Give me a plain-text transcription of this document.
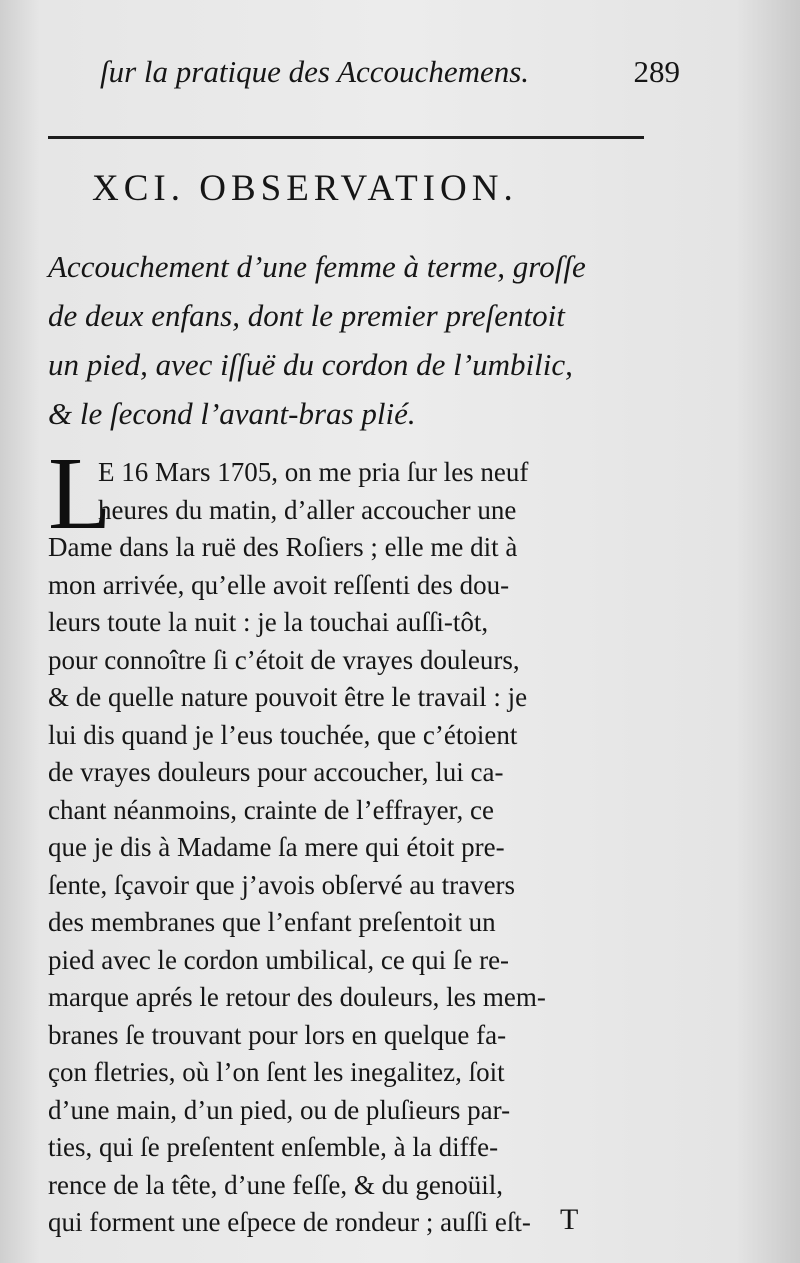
ſur la pratique des Accouchemens.	289
XCI. OBSERVATION.
Accouchement d’une femme à terme, groſſe
de deux enfans, dont le premier preſentoit
un pied, avec iſſuë du cordon de l’umbilic,
& le ſecond l’avant-bras plié.
L
E 16 Mars 1705, on me pria ſur les neuf
heures du matin, d’aller accoucher une
Dame dans la ruë des Roſiers ; elle me dit à
mon arrivée, qu’elle avoit reſſenti des dou-
leurs toute la nuit : je la touchai auſſi-tôt,
pour connoître ſi c’étoit de vrayes douleurs,
& de quelle nature pouvoit être le travail : je
lui dis quand je l’eus touchée, que c’étoient
de vrayes douleurs pour accoucher, lui ca-
chant néanmoins, crainte de l’effrayer, ce
que je dis à Madame ſa mere qui étoit pre-
ſente, ſçavoir que j’avois obſervé au travers
des membranes que l’enfant preſentoit un
pied avec le cordon umbilical, ce qui ſe re-
marque aprés le retour des douleurs, les mem-
branes ſe trouvant pour lors en quelque fa-
çon fletries, où l’on ſent les inegalitez, ſoit
d’une main, d’un pied, ou de pluſieurs par-
ties, qui ſe preſentent enſemble, à la diffe-
rence de la tête, d’une feſſe, & du genoüil,
qui forment une eſpece de rondeur ; auſſi eſt- T
